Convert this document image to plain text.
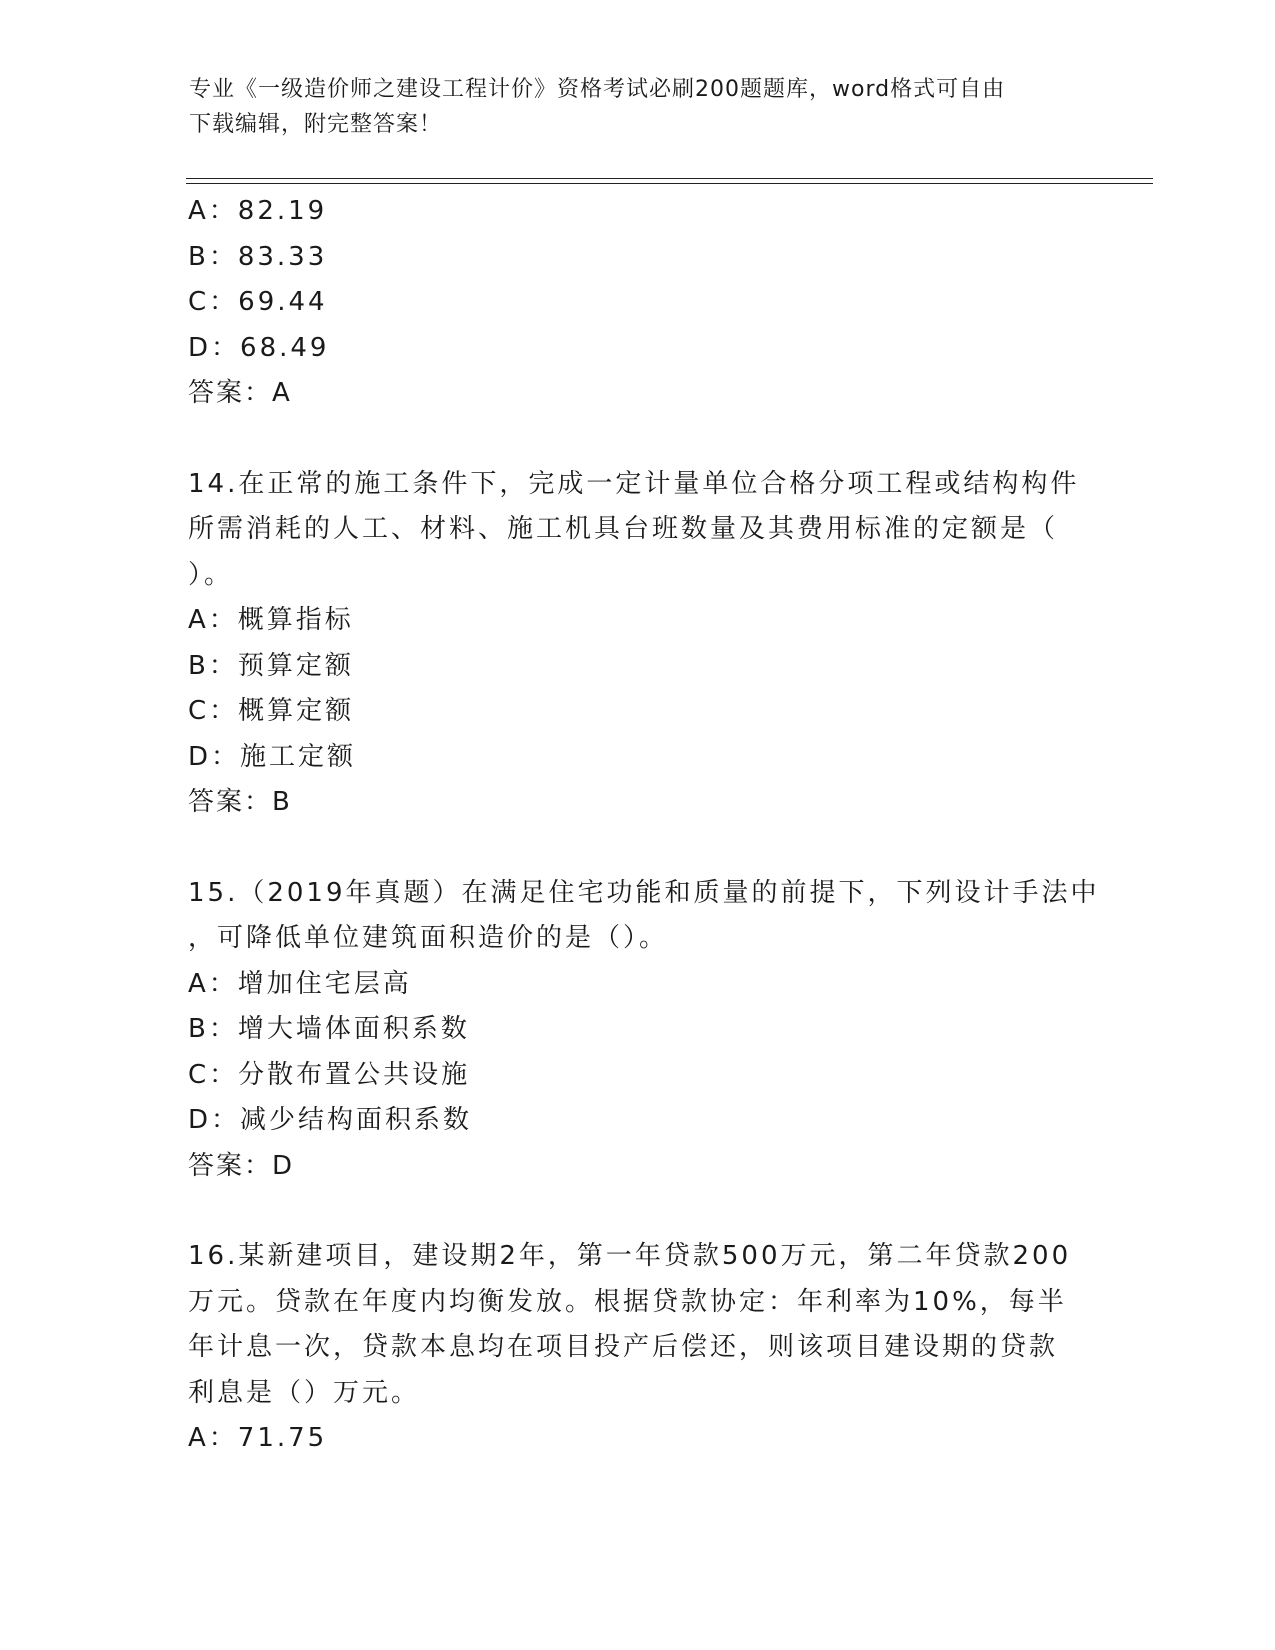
专业《一级造价师之建设工程计价》资格考试必刷200题题库，word格式可自由
下载编辑，附完整答案！
A：82.19
B：83.33
C：69.44
D：68.49
答案：A
14.在正常的施工条件下，完成一定计量单位合格分项工程或结构构件
所需消耗的人工、材料、施工机具台班数量及其费用标准的定额是（
）。
A：概算指标
B：预算定额
C：概算定额
D：施工定额
答案：B
15.（2019年真题）在满足住宅功能和质量的前提下，下列设计手法中
，可降低单位建筑面积造价的是（）。
A：增加住宅层高
B：增大墙体面积系数
C：分散布置公共设施
D：减少结构面积系数
答案：D
16.某新建项目，建设期2年，第一年贷款500万元，第二年贷款200
万元。贷款在年度内均衡发放。根据贷款协定：年利率为10%，每半
年计息一次，贷款本息均在项目投产后偿还，则该项目建设期的贷款
利息是（）万元。
A：71.75
